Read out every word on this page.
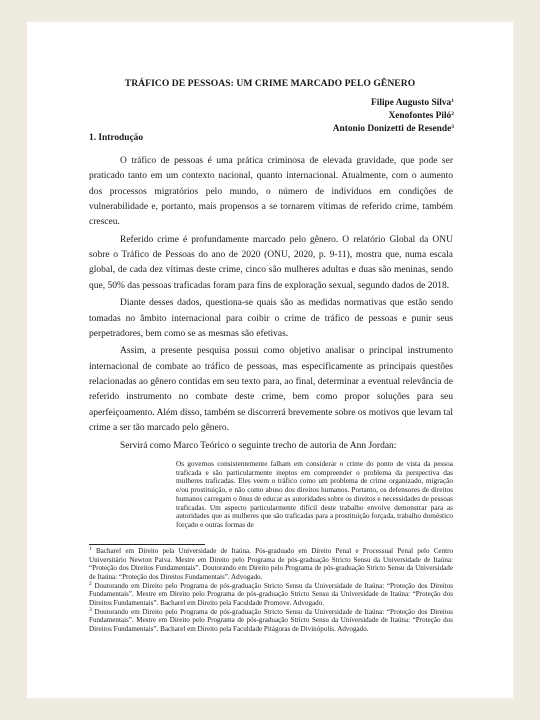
TRÁFICO DE PESSOAS: UM CRIME MARCADO PELO GÊNERO
Filipe Augusto Silva$^1$
Xenofontes Piló$^2$
Antonio Donizetti de Resende$^3$
1. Introdução

O tráfico de pessoas é uma prática criminosa de elevada gravidade, que pode ser praticado tanto em um contexto nacional, quanto internacional. Atualmente, com o aumento dos processos migratórios pelo mundo, o número de indivíduos em condições de vulnerabilidade e, portanto, mais propensos a se tornarem vítimas de referido crime, também cresceu.

Referido crime é profundamente marcado pelo gênero. O relatório Global da ONU sobre o Tráfico de Pessoas do ano de 2020 (ONU, 2020, p. 9-11), mostra que, numa escala global, de cada dez vítimas deste crime, cinco são mulheres adultas e duas são meninas, sendo que, 50% das pessoas traficadas foram para fins de exploração sexual, segundo dados de 2018.

Diante desses dados, questiona-se quais são as medidas normativas que estão sendo tomadas no âmbito internacional para coibir o crime de tráfico de pessoas e punir seus perpetradores, bem como se as mesmas são efetivas.

Assim, a presente pesquisa possui como objetivo analisar o principal instrumento internacional de combate ao tráfico de pessoas, mas especificamente as principais questões relacionadas ao gênero contidas em seu texto para, ao final, determinar a eventual relevância de referido instrumento no combate deste crime, bem como propor soluções para seu aperfeiçoamento. Além disso, também se discorrerá brevemente sobre os motivos que levam tal crime a ser tão marcado pelo gênero.

Servirá como Marco Teórico o seguinte trecho de autoria de Ann Jordan:

Os governos consistentemente falham em considerar o crime do ponto de vista da pessoa traficada e são particularmente ineptos em compreender o problema da perspectiva das mulheres traficadas. Eles veem o tráfico como um problema de crime organizado, migração e/ou prostituição, e não como abuso dos direitos humanos. Portanto, os defensores de direitos humanos carregam o ônus de educar as autoridades sobre os direitos e necessidades de pessoas traficadas. Um aspecto particularmente difícil deste trabalho envolve demonstrar para as autoridades que as mulheres que são traficadas para a prostituição forçada, trabalho doméstico forçado e outras formas de

$^1$ Bacharel em Direito pela Universidade de Itaúna. Pós-graduado em Direito Penal e Processual Penal pelo Centro Universitário Newton Paiva. Mestre em Direito pelo Programa de pós-graduação Stricto Sensu da Universidade de Itaúna: “Proteção dos Direitos Fundamentais”. Doutorando em Direito pelo Programa de pós-graduação Stricto Sensu da Universidade de Itaúna: “Proteção dos Direitos Fundamentais”. Advogado.

$^2$ Doutorando em Direito pelo Programa de pós-graduação Stricto Sensu da Universidade de Itaúna: “Proteção dos Direitos Fundamentais”. Mestre em Direito pelo Programa de pós-graduação Stricto Sensu da Universidade de Itaúna: “Proteção dos Direitos Fundamentais”. Bacharel em Direito pela Faculdade Promove. Advogado.

$^3$ Doutorando em Direito pelo Programa de pós-graduação Stricto Sensu da Universidade de Itaúna: “Proteção dos Direitos Fundamentais”. Mestre em Direito pelo Programa de pós-graduação Stricto Sensu da Universidade de Itaúna: “Proteção dos Direitos Fundamentais”. Bacharel em Direito pela Faculdade Pitágoras de Divinópolis. Advogado.
